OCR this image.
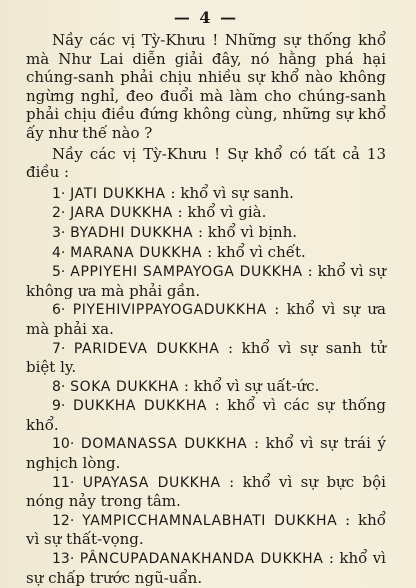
— 4 —

Nầy các vị Tỳ-Khưu ! Những sự thống khổ mà Như Lai diễn giải đây, nó hằng phá hại chúng-sanh phải chịu nhiều sự khổ nào không ngừng nghỉ, đeo đuổi mà làm cho chúng-sanh phải chịu điều đứng không cùng, những sự khổ ấy như thế nào ?

Nầy các vị Tỳ-Khưu ! Sự khổ có tất cả 13 điều :

1· JATI DUKKHA : khổ vì sự sanh.

2· JARA DUKKHA : khổ vì già.

3· BYADHI DUKKHA : khổ vì bịnh.

4· MARANA DUKKHA : khổ vì chết.

5· APPIYEHI SAMPAYOGA DUKKHA : khổ vì sự không ưa mà phải gần.

6· PIYEHIVIPPAYOGADUKKHA : khổ vì sự ưa mà phải xa.

7· PARIDEVA DUKKHA : khổ vì sự sanh tử biệt ly.

8· SOKA DUKKHA : khổ vì sự uất-ức.

9· DUKKHA DUKKHA : khổ vì các sự thống khổ.

10· DOMANASSA DUKKHA : khổ vì sự trái ý nghịch lòng.

11· UPAYASA DUKKHA : khổ vì sự bực bội nóng nảy trong tâm.

12· YAMPICCHAMNALABHATI DUKKHA : khổ vì sự thất-vọng.

13· PÂNCUPADANAKHANDA DUKKHA : khổ vì sự chấp trước ngũ-uẩn.
